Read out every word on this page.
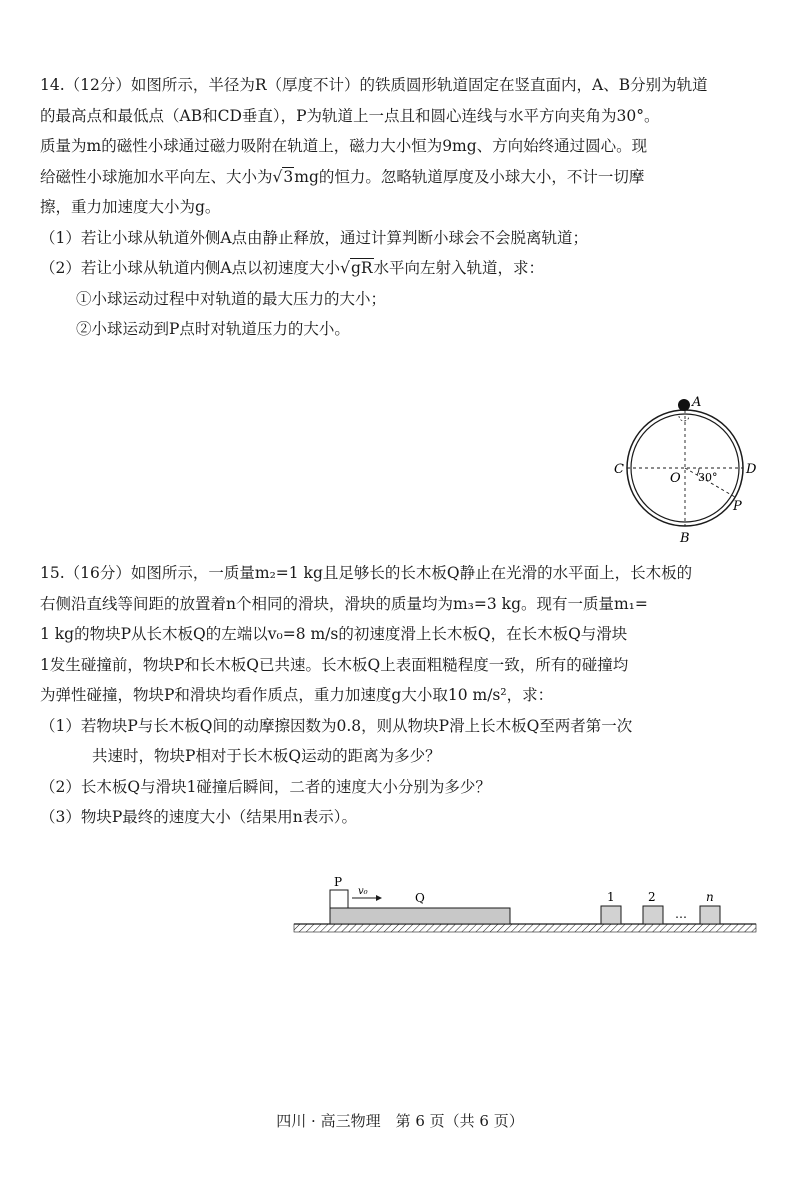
14.（12分）如图所示，半径为R（厚度不计）的铁质圆形轨道固定在竖直面内，A、B分别为轨道

的最高点和最低点（AB和CD垂直），P为轨道上一点且和圆心连线与水平方向夹角为30°。

质量为m的磁性小球通过磁力吸附在轨道上，磁力大小恒为9mg、方向始终通过圆心。现

给磁性小球施加水平向左、大小为√3mg的恒力。忽略轨道厚度及小球大小，不计一切摩

擦，重力加速度大小为g。

（1）若让小球从轨道外侧A点由静止释放，通过计算判断小球会不会脱离轨道；

（2）若让小球从轨道内侧A点以初速度大小√gR水平向左射入轨道，求：

①小球运动过程中对轨道的最大压力的大小；

②小球运动到P点时对轨道压力的大小。

A
B
C	D
O
P
30°

15.（16分）如图所示，一质量m₂=1 kg且足够长的长木板Q静止在光滑的水平面上，长木板的

右侧沿直线等间距的放置着n个相同的滑块，滑块的质量均为m₃=3 kg。现有一质量m₁=

1 kg的物块P从长木板Q的左端以v₀=8 m/s的初速度滑上长木板Q，在长木板Q与滑块

1发生碰撞前，物块P和长木板Q已共速。长木板Q上表面粗糙程度一致，所有的碰撞均

为弹性碰撞，物块P和滑块均看作质点，重力加速度g大小取10 m/s²，求：

（1）若物块P与长木板Q间的动摩擦因数为0.8，则从物块P滑上长木板Q至两者第一次

共速时，物块P相对于长木板Q运动的距离为多少？

（2）长木板Q与滑块1碰撞后瞬间，二者的速度大小分别为多少？

（3）物块P最终的速度大小（结果用n表示）。

P
v₀	Q	1	2
…
n
四川 · 高三物理　第 6 页（共 6 页）
